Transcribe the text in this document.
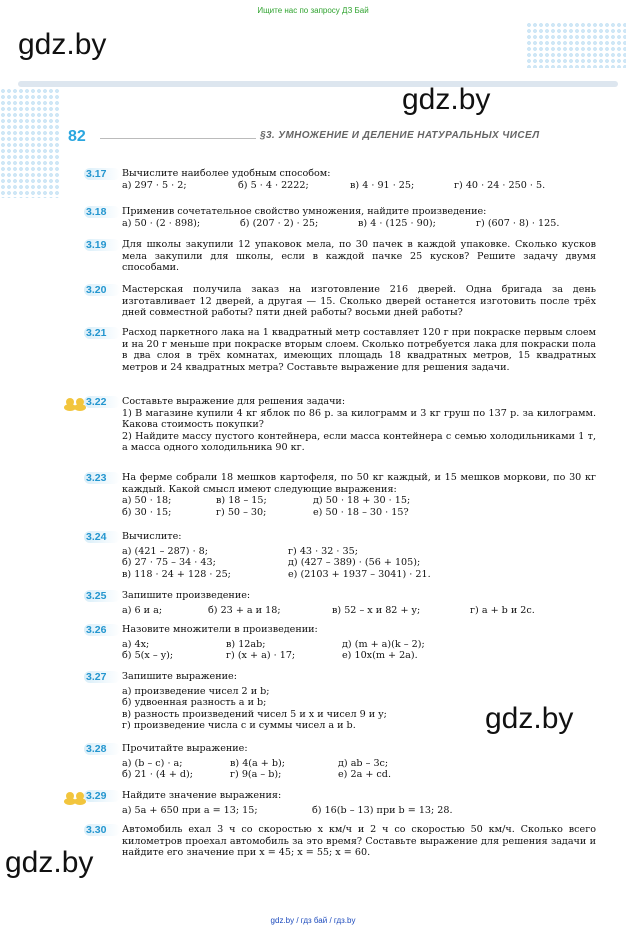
Ищите нас по запросу ДЗ Бай
gdz.by
gdz.by
gdz.by
gdz.by
82	§3. УМНОЖЕНИЕ И ДЕЛЕНИЕ НАТУРАЛЬНЫХ ЧИСЕЛ
3.17	Вычислите наиболее удобным способом:
а) 297 · 5 · 2;	б) 5 · 4 · 2222;	в) 4 · 91 · 25;	г) 40 · 24 · 250 · 5.
3.18	Применив сочетательное свойство умножения, найдите произведение:
а) 50 · (2 · 898);	б) (207 · 2) · 25;	в) 4 · (125 · 90);	г) (607 · 8) · 125.
3.19	Для школы закупили 12 упаковок мела, по 30 пачек в каждой упаковке. Сколько кусков мела закупили для школы, если в каждой пачке 25 кусков? Решите задачу двумя способами.
3.20	Мастерская получила заказ на изготовление 216 дверей. Одна бригада за день изготавливает 12 дверей, а другая — 15. Сколько дверей останется изготовить после трёх дней совместной работы? пяти дней работы? восьми дней работы?
3.21	Расход паркетного лака на 1 квадратный метр составляет 120 г при покраске первым слоем и на 20 г меньше при покраске вторым слоем. Сколько потребуется лака для покраски пола в два слоя в трёх комнатах, имеющих площадь 18 квадратных метров, 15 квадратных метров и 24 квадратных метра? Составьте выражение для решения задачи.
3.22	Составьте выражение для решения задачи:
1) В магазине купили 4 кг яблок по 86 р. за килограмм и 3 кг груш по 137 р. за килограмм. Какова стоимость покупки?
2) Найдите массу пустого контейнера, если масса контейнера с семью холодильниками 1 т, а масса одного холодильника 90 кг.
3.23	На ферме собрали 18 мешков картофеля, по 50 кг каждый, и 15 мешков моркови, по 30 кг каждый. Какой смысл имеют следующие выражения:
а) 50 · 18;	в) 18 – 15;	д) 50 · 18 + 30 · 15;
б) 30 · 15;	г) 50 – 30;	е) 50 · 18 – 30 · 15?
3.24	Вычислите:
а) (421 – 287) · 8;	г) 43 · 32 · 35;
б) 27 · 75 – 34 · 43;	д) (427 – 389) · (56 + 105);
в) 118 · 24 + 128 · 25;	е) (2103 + 1937 – 3041) · 21.
3.25	Запишите произведение:
а) 6 и a;	б) 23 + a и 18;	в) 52 – x и 82 + y;	г) a + b и 2c.
3.26	Назовите множители в произведении:
а) 4x;	в) 12ab;	д) (m + a)(k – 2);
б) 5(x – y);	г) (x + a) · 17;	е) 10x(m + 2a).
3.27	Запишите выражение:
а) произведение чисел 2 и b;
б) удвоенная разность a и b;
в) разность произведений чисел 5 и x и чисел 9 и y;
г) произведение числа c и суммы чисел a и b.
3.28	Прочитайте выражение:
а) (b – c) · a;	в) 4(a + b);	д) ab – 3c;
б) 21 · (4 + d);	г) 9(a – b);	е) 2a + cd.
3.29	Найдите значение выражения:
а) 5a + 650 при a = 13; 15;	б) 16(b – 13) при b = 13; 28.
3.30	Автомобиль ехал 3 ч со скоростью x км/ч и 2 ч со скоростью 50 км/ч. Сколько всего километров проехал автомобиль за это время? Составьте выражение для решения задачи и найдите его значение при x = 45; x = 55; x = 60.
gdz.by / гдз бай / гдз.by
